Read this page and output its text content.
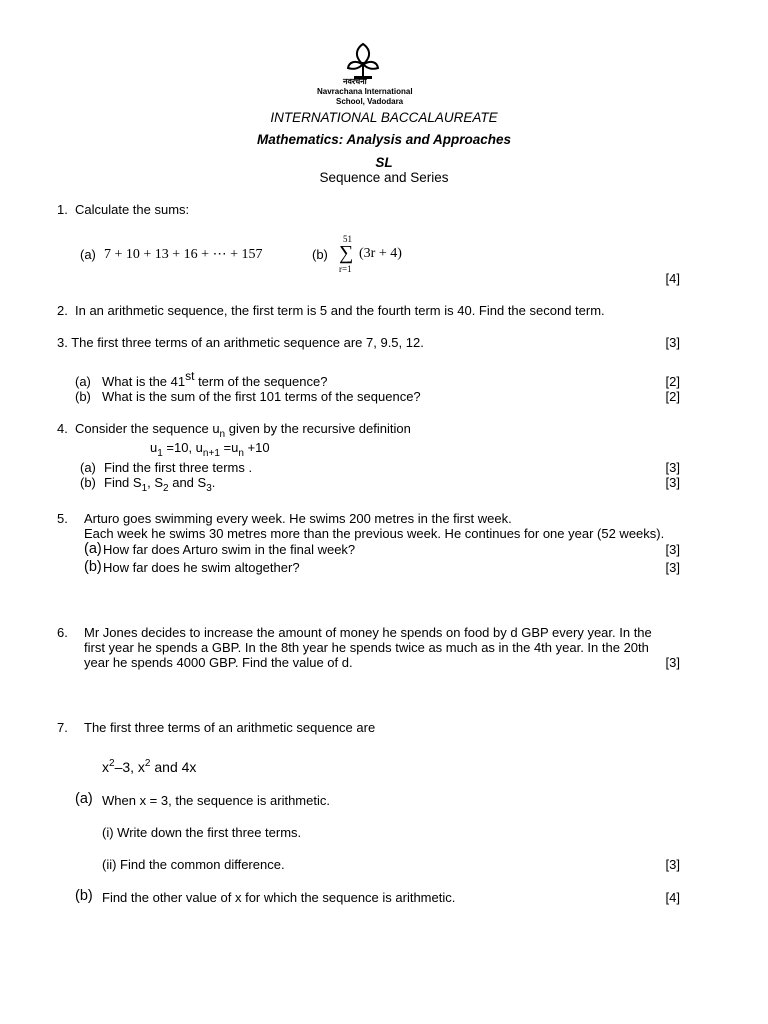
नवरचना
Navrachana International
School, Vadodara
INTERNATIONAL BACCALAUREATE
Mathematics: Analysis and Approaches
SL
Sequence and Series
1. Calculate the sums:
(a) 7 + 10 + 13 + 16 + ⋯ + 157	(b)
51
∑
r=1
(3r + 4)
[4]
2. In an arithmetic sequence, the first term is 5 and the fourth term is 40. Find the second term.
3. The first three terms of an arithmetic sequence are 7, 9.5, 12.	[3]
(a) What is the 41st term of the sequence?	[2]
(b) What is the sum of the first 101 terms of the sequence?	[2]
4. Consider the sequence $u_n$ given by the recursive definition
$u_1 =10$, $u_{n+1} =u_n +10$
(a) Find the first three terms .	[3]
(b) Find $S_1$, $S_2$ and $S_3$.	[3]
5. Arturo goes swimming every week. He swims 200 metres in the first week.
Each week he swims 30 metres more than the previous week. He continues for one year (52 weeks).
(a) How far does Arturo swim in the final week?	[3]
(b) How far does he swim altogether?	[3]
6. Mr Jones decides to increase the amount of money he spends on food by d GBP every year. In the
first year he spends a GBP. In the 8th year he spends twice as much as in the 4th year. In the 20th
year he spends 4000 GBP. Find the value of d.	[3]
7. The first three terms of an arithmetic sequence are
$x^2-3$, $x^2$ and 4x
(a) When x = 3, the sequence is arithmetic.
(i) Write down the first three terms.
(ii) Find the common difference.	[3]
(b) Find the other value of x for which the sequence is arithmetic.	[4]
